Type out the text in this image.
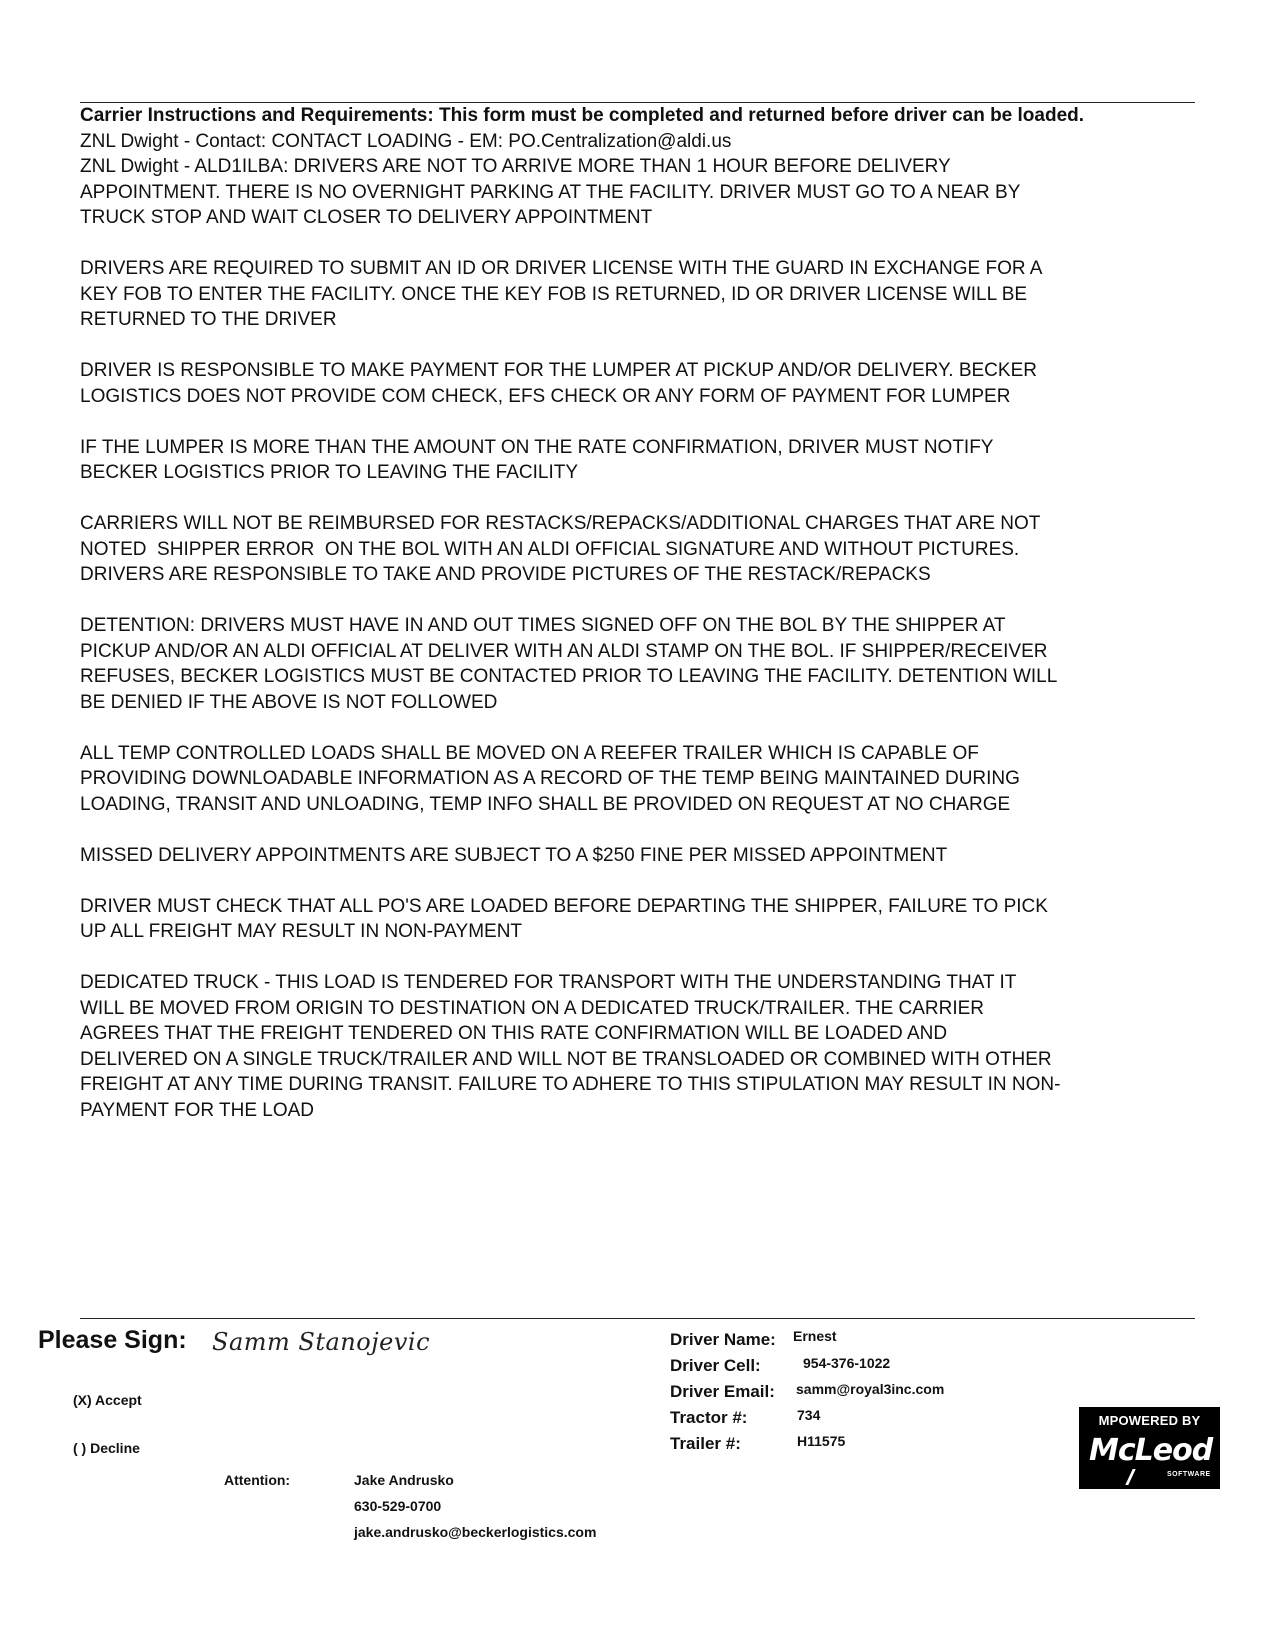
Carrier Instructions and Requirements: This form must be completed and returned before driver can be loaded.

ZNL Dwight - Contact: CONTACT LOADING - EM: PO.Centralization@aldi.us

ZNL Dwight - ALD1ILBA: DRIVERS ARE NOT TO ARRIVE MORE THAN 1 HOUR BEFORE DELIVERY
APPOINTMENT. THERE IS NO OVERNIGHT PARKING AT THE FACILITY. DRIVER MUST GO TO A NEAR BY
TRUCK STOP AND WAIT CLOSER TO DELIVERY APPOINTMENT

DRIVERS ARE REQUIRED TO SUBMIT AN ID OR DRIVER LICENSE WITH THE GUARD IN EXCHANGE FOR A
KEY FOB TO ENTER THE FACILITY. ONCE THE KEY FOB IS RETURNED, ID OR DRIVER LICENSE WILL BE
RETURNED TO THE DRIVER

DRIVER IS RESPONSIBLE TO MAKE PAYMENT FOR THE LUMPER AT PICKUP AND/OR DELIVERY. BECKER
LOGISTICS DOES NOT PROVIDE COM CHECK, EFS CHECK OR ANY FORM OF PAYMENT FOR LUMPER

IF THE LUMPER IS MORE THAN THE AMOUNT ON THE RATE CONFIRMATION, DRIVER MUST NOTIFY
BECKER LOGISTICS PRIOR TO LEAVING THE FACILITY

CARRIERS WILL NOT BE REIMBURSED FOR RESTACKS/REPACKS/ADDITIONAL CHARGES THAT ARE NOT
NOTED  SHIPPER ERROR  ON THE BOL WITH AN ALDI OFFICIAL SIGNATURE AND WITHOUT PICTURES.
DRIVERS ARE RESPONSIBLE TO TAKE AND PROVIDE PICTURES OF THE RESTACK/REPACKS

DETENTION: DRIVERS MUST HAVE IN AND OUT TIMES SIGNED OFF ON THE BOL BY THE SHIPPER AT
PICKUP AND/OR AN ALDI OFFICIAL AT DELIVER WITH AN ALDI STAMP ON THE BOL. IF SHIPPER/RECEIVER
REFUSES, BECKER LOGISTICS MUST BE CONTACTED PRIOR TO LEAVING THE FACILITY. DETENTION WILL
BE DENIED IF THE ABOVE IS NOT FOLLOWED

ALL TEMP CONTROLLED LOADS SHALL BE MOVED ON A REEFER TRAILER WHICH IS CAPABLE OF
PROVIDING DOWNLOADABLE INFORMATION AS A RECORD OF THE TEMP BEING MAINTAINED DURING
LOADING, TRANSIT AND UNLOADING, TEMP INFO SHALL BE PROVIDED ON REQUEST AT NO CHARGE

MISSED DELIVERY APPOINTMENTS ARE SUBJECT TO A $250 FINE PER MISSED APPOINTMENT

DRIVER MUST CHECK THAT ALL PO'S ARE LOADED BEFORE DEPARTING THE SHIPPER, FAILURE TO PICK
UP ALL FREIGHT MAY RESULT IN NON-PAYMENT

DEDICATED TRUCK - THIS LOAD IS TENDERED FOR TRANSPORT WITH THE UNDERSTANDING THAT IT
WILL BE MOVED FROM ORIGIN TO DESTINATION ON A DEDICATED TRUCK/TRAILER. THE CARRIER
AGREES THAT THE FREIGHT TENDERED ON THIS RATE CONFIRMATION WILL BE LOADED AND
DELIVERED ON A SINGLE TRUCK/TRAILER AND WILL NOT BE TRANSLOADED OR COMBINED WITH OTHER
FREIGHT AT ANY TIME DURING TRANSIT. FAILURE TO ADHERE TO THIS STIPULATION MAY RESULT IN NON-
PAYMENT FOR THE LOAD

Please Sign: Samm Stanojevic
(X) Accept
( ) Decline
Attention:	Jake Andrusko
630-529-0700
jake.andrusko@beckerlogistics.com
Driver Name: Ernest
Driver Cell:	954-376-1022
Driver Email: samm@royal3inc.com
Tractor #:	734
Trailer #:	H11575
MPOWERED BY
McLeod
SOFTWARE
